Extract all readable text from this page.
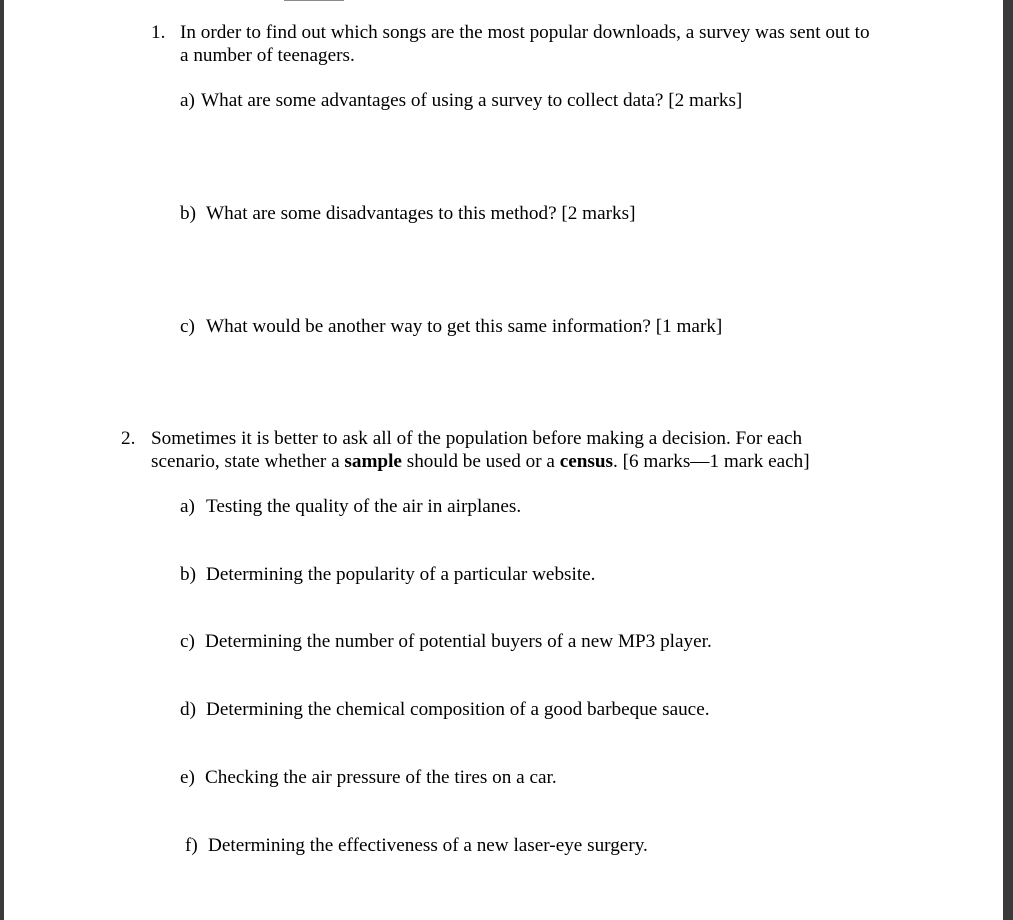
1. In order to find out which songs are the most popular downloads, a survey was sent out to
a number of teenagers.
a) What are some advantages of using a survey to collect data? [2 marks]
b) What are some disadvantages to this method? [2 marks]
c) What would be another way to get this same information? [1 mark]
2. Sometimes it is better to ask all of the population before making a decision. For each
scenario, state whether a sample should be used or a census. [6 marks—1 mark each]
a) Testing the quality of the air in airplanes.
b) Determining the popularity of a particular website.
c) Determining the number of potential buyers of a new MP3 player.
d) Determining the chemical composition of a good barbeque sauce.
e) Checking the air pressure of the tires on a car.
f) Determining the effectiveness of a new laser-eye surgery.
